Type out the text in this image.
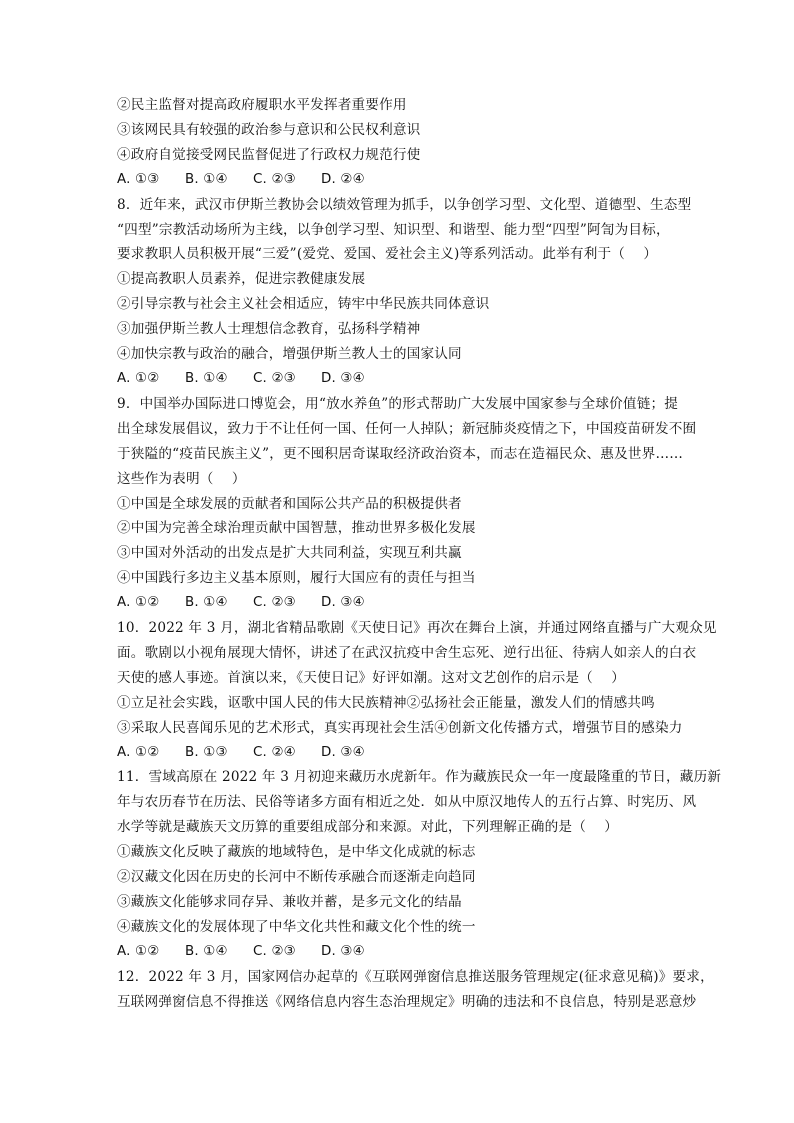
②民主监督对提高政府履职水平发挥者重要作用
③该网民具有较强的政治参与意识和公民权利意识
④政府自觉接受网民监督促进了行政权力规范行使
A. ①③	B. ①④	C. ②③	D. ②④
8．近年来，武汉市伊斯兰教协会以绩效管理为抓手，以争创学习型、文化型、道德型、生态型
“四型”宗教活动场所为主线，以争创学习型、知识型、和谐型、能力型“四型”阿訇为目标，
要求教职人员积极开展“三爱”(爱党、爱国、爱社会主义)等系列活动。此举有利于（　 ）
①提高教职人员素养，促进宗教健康发展
②引导宗教与社会主义社会相适应，铸牢中华民族共同体意识
③加强伊斯兰教人士理想信念教育，弘扬科学精神
④加快宗教与政治的融合，增强伊斯兰教人士的国家认同
A. ①②	B. ①④	C. ②③	D. ③④
9．中国举办国际进口博览会，用“放水养鱼”的形式帮助广大发展中国家参与全球价值链；提
出全球发展倡议，致力于不让任何一国、任何一人掉队；新冠肺炎疫情之下，中国疫苗研发不囿
于狭隘的“疫苗民族主义”，更不囤积居奇谋取经济政治资本，而志在造福民众、惠及世界……
这些作为表明（　 ）
①中国是全球发展的贡献者和国际公共产品的积极提供者
②中国为完善全球治理贡献中国智慧，推动世界多极化发展
③中国对外活动的出发点是扩大共同利益，实现互利共赢
④中国践行多边主义基本原则，履行大国应有的责任与担当
A. ①②	B. ①④	C. ②③	D. ③④
10．2022 年 3 月，湖北省精品歌剧《天使日记》再次在舞台上演，并通过网络直播与广大观众见
面。歌剧以小视角展现大情怀，讲述了在武汉抗疫中舍生忘死、逆行出征、待病人如亲人的白衣
天使的感人事迹。首演以来，《天使日记》好评如潮。这对文艺创作的启示是（　 ）
①立足社会实践，讴歌中国人民的伟大民族精神②弘扬社会正能量，激发人们的情感共鸣
③采取人民喜闻乐见的艺术形式，真实再现社会生活④创新文化传播方式，增强节目的感染力
A. ①②	B. ①③	C. ②④	D. ③④
11．雪域高原在 2022 年 3 月初迎来藏历水虎新年。作为藏族民众一年一度最隆重的节日，藏历新
年与农历春节在历法、民俗等诸多方面有相近之处．如从中原汉地传人的五行占算、时宪历、风
水学等就是藏族天文历算的重要组成部分和来源。对此，下列理解正确的是（　 ）
①藏族文化反映了藏族的地域特色，是中华文化成就的标志
②汉藏文化因在历史的长河中不断传承融合而逐渐走向趋同
③藏族文化能够求同存异、兼收并蓄，是多元文化的结晶
④藏族文化的发展体现了中华文化共性和藏文化个性的统一
A. ①②	B. ①④	C. ②③	D. ③④
12．2022 年 3 月，国家网信办起草的《互联网弹窗信息推送服务管理规定(征求意见稿)》要求，
互联网弹窗信息不得推送《网络信息内容生态治理规定》明确的违法和不良信息，特别是恶意炒
